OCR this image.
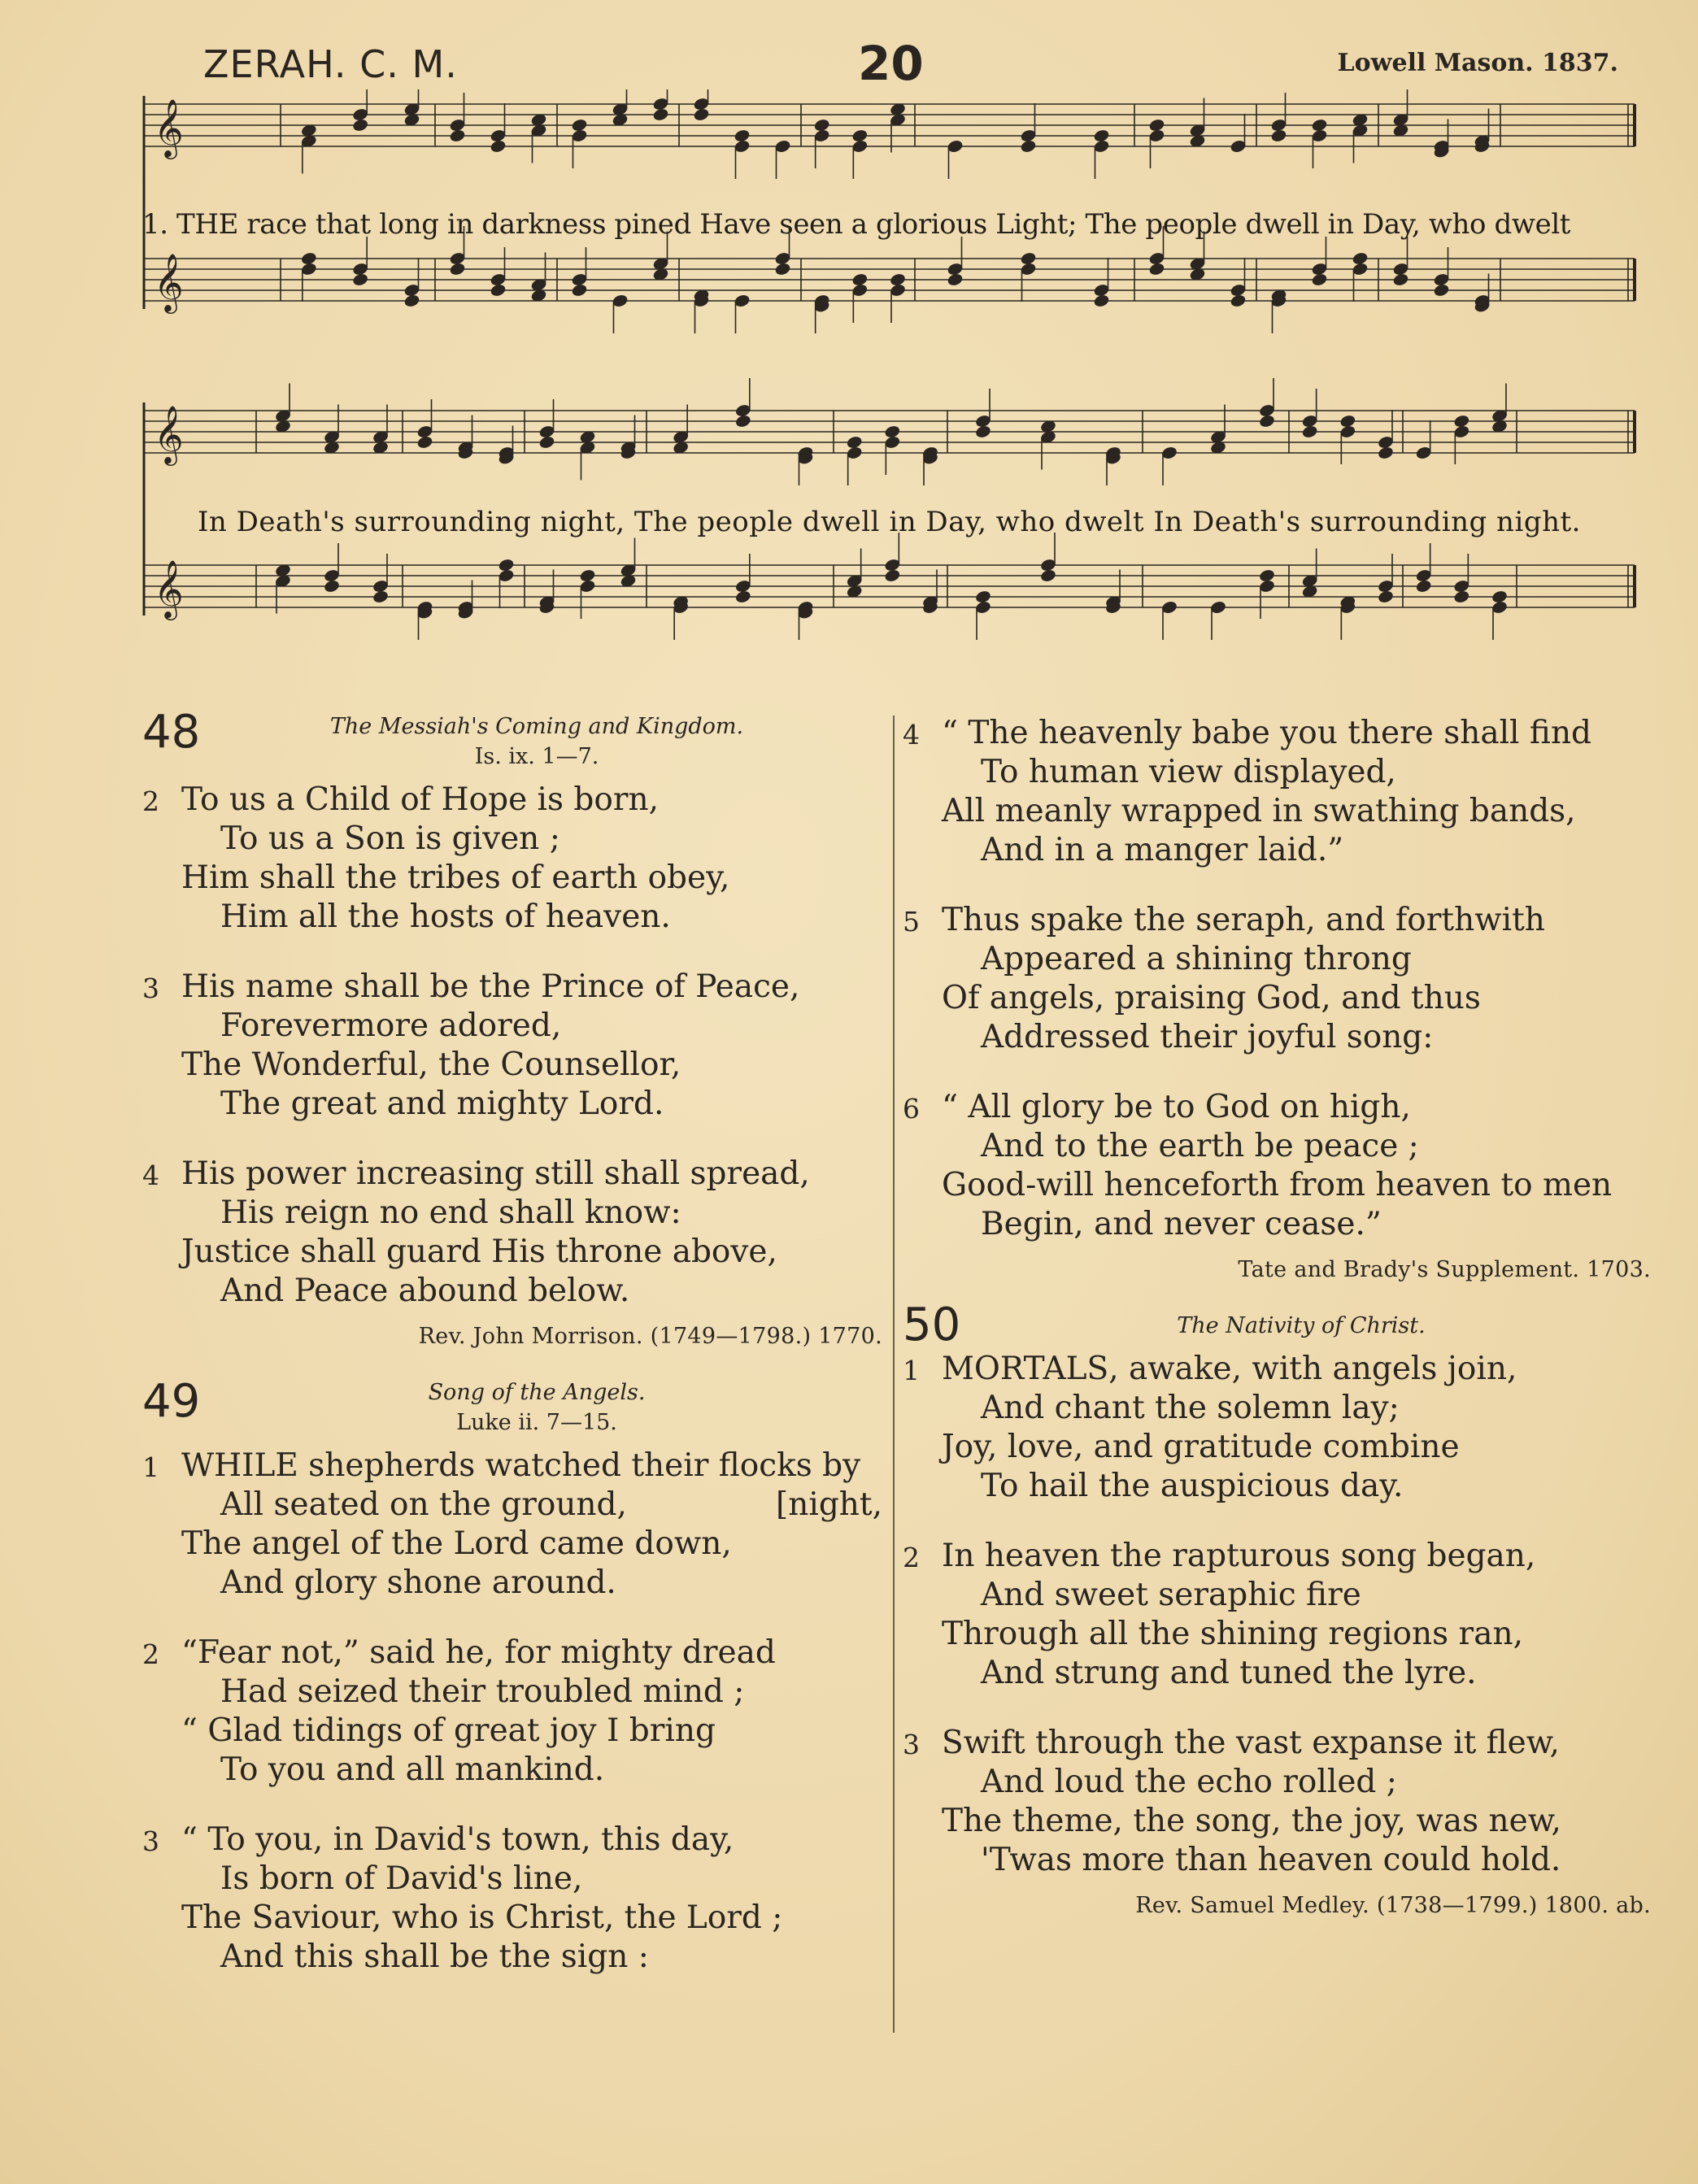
ZERAH. C. M.	20	Lowell Mason. 1837.
𝄞
𝄞
𝄞
𝄞
1. THE race that long in darkness pined Have seen a glorious Light; The people dwell in Day, who dwelt
In Death's surrounding night, The people dwell in Day, who dwelt In Death's surrounding night.
48	The Messiah's Coming and Kingdom.
Is. ix. 1—7.
2 To us a Child of Hope is born,
To us a Son is given ;
Him shall the tribes of earth obey,
Him all the hosts of heaven.
3 His name shall be the Prince of Peace,
Forevermore adored,
The Wonderful, the Counsellor,
The great and mighty Lord.
4 His power increasing still shall spread,
His reign no end shall know:
Justice shall guard His throne above,
And Peace abound below.
Rev. John Morrison. (1749—1798.) 1770.
49	Song of the Angels.
Luke ii. 7—15.
1 WHILE shepherds watched their flocks by
All seated on the ground,	[night,
The angel of the Lord came down,
And glory shone around.
2 “Fear not,” said he, for mighty dread
Had seized their troubled mind ;
“ Glad tidings of great joy I bring
To you and all mankind.
3 “ To you, in David's town, this day,
Is born of David's line,
The Saviour, who is Christ, the Lord ;
And this shall be the sign :
4 “ The heavenly babe you there shall find
To human view displayed,
All meanly wrapped in swathing bands,
And in a manger laid.”
5 Thus spake the seraph, and forthwith
Appeared a shining throng
Of angels, praising God, and thus
Addressed their joyful song:
6 “ All glory be to God on high,
And to the earth be peace ;
Good-will henceforth from heaven to men
Begin, and never cease.”
Tate and Brady's Supplement. 1703.
50	The Nativity of Christ.
1 MORTALS, awake, with angels join,
And chant the solemn lay;
Joy, love, and gratitude combine
To hail the auspicious day.
2 In heaven the rapturous song began,
And sweet seraphic fire
Through all the shining regions ran,
And strung and tuned the lyre.
3 Swift through the vast expanse it flew,
And loud the echo rolled ;
The theme, the song, the joy, was new,
'Twas more than heaven could hold.
Rev. Samuel Medley. (1738—1799.) 1800. ab.
